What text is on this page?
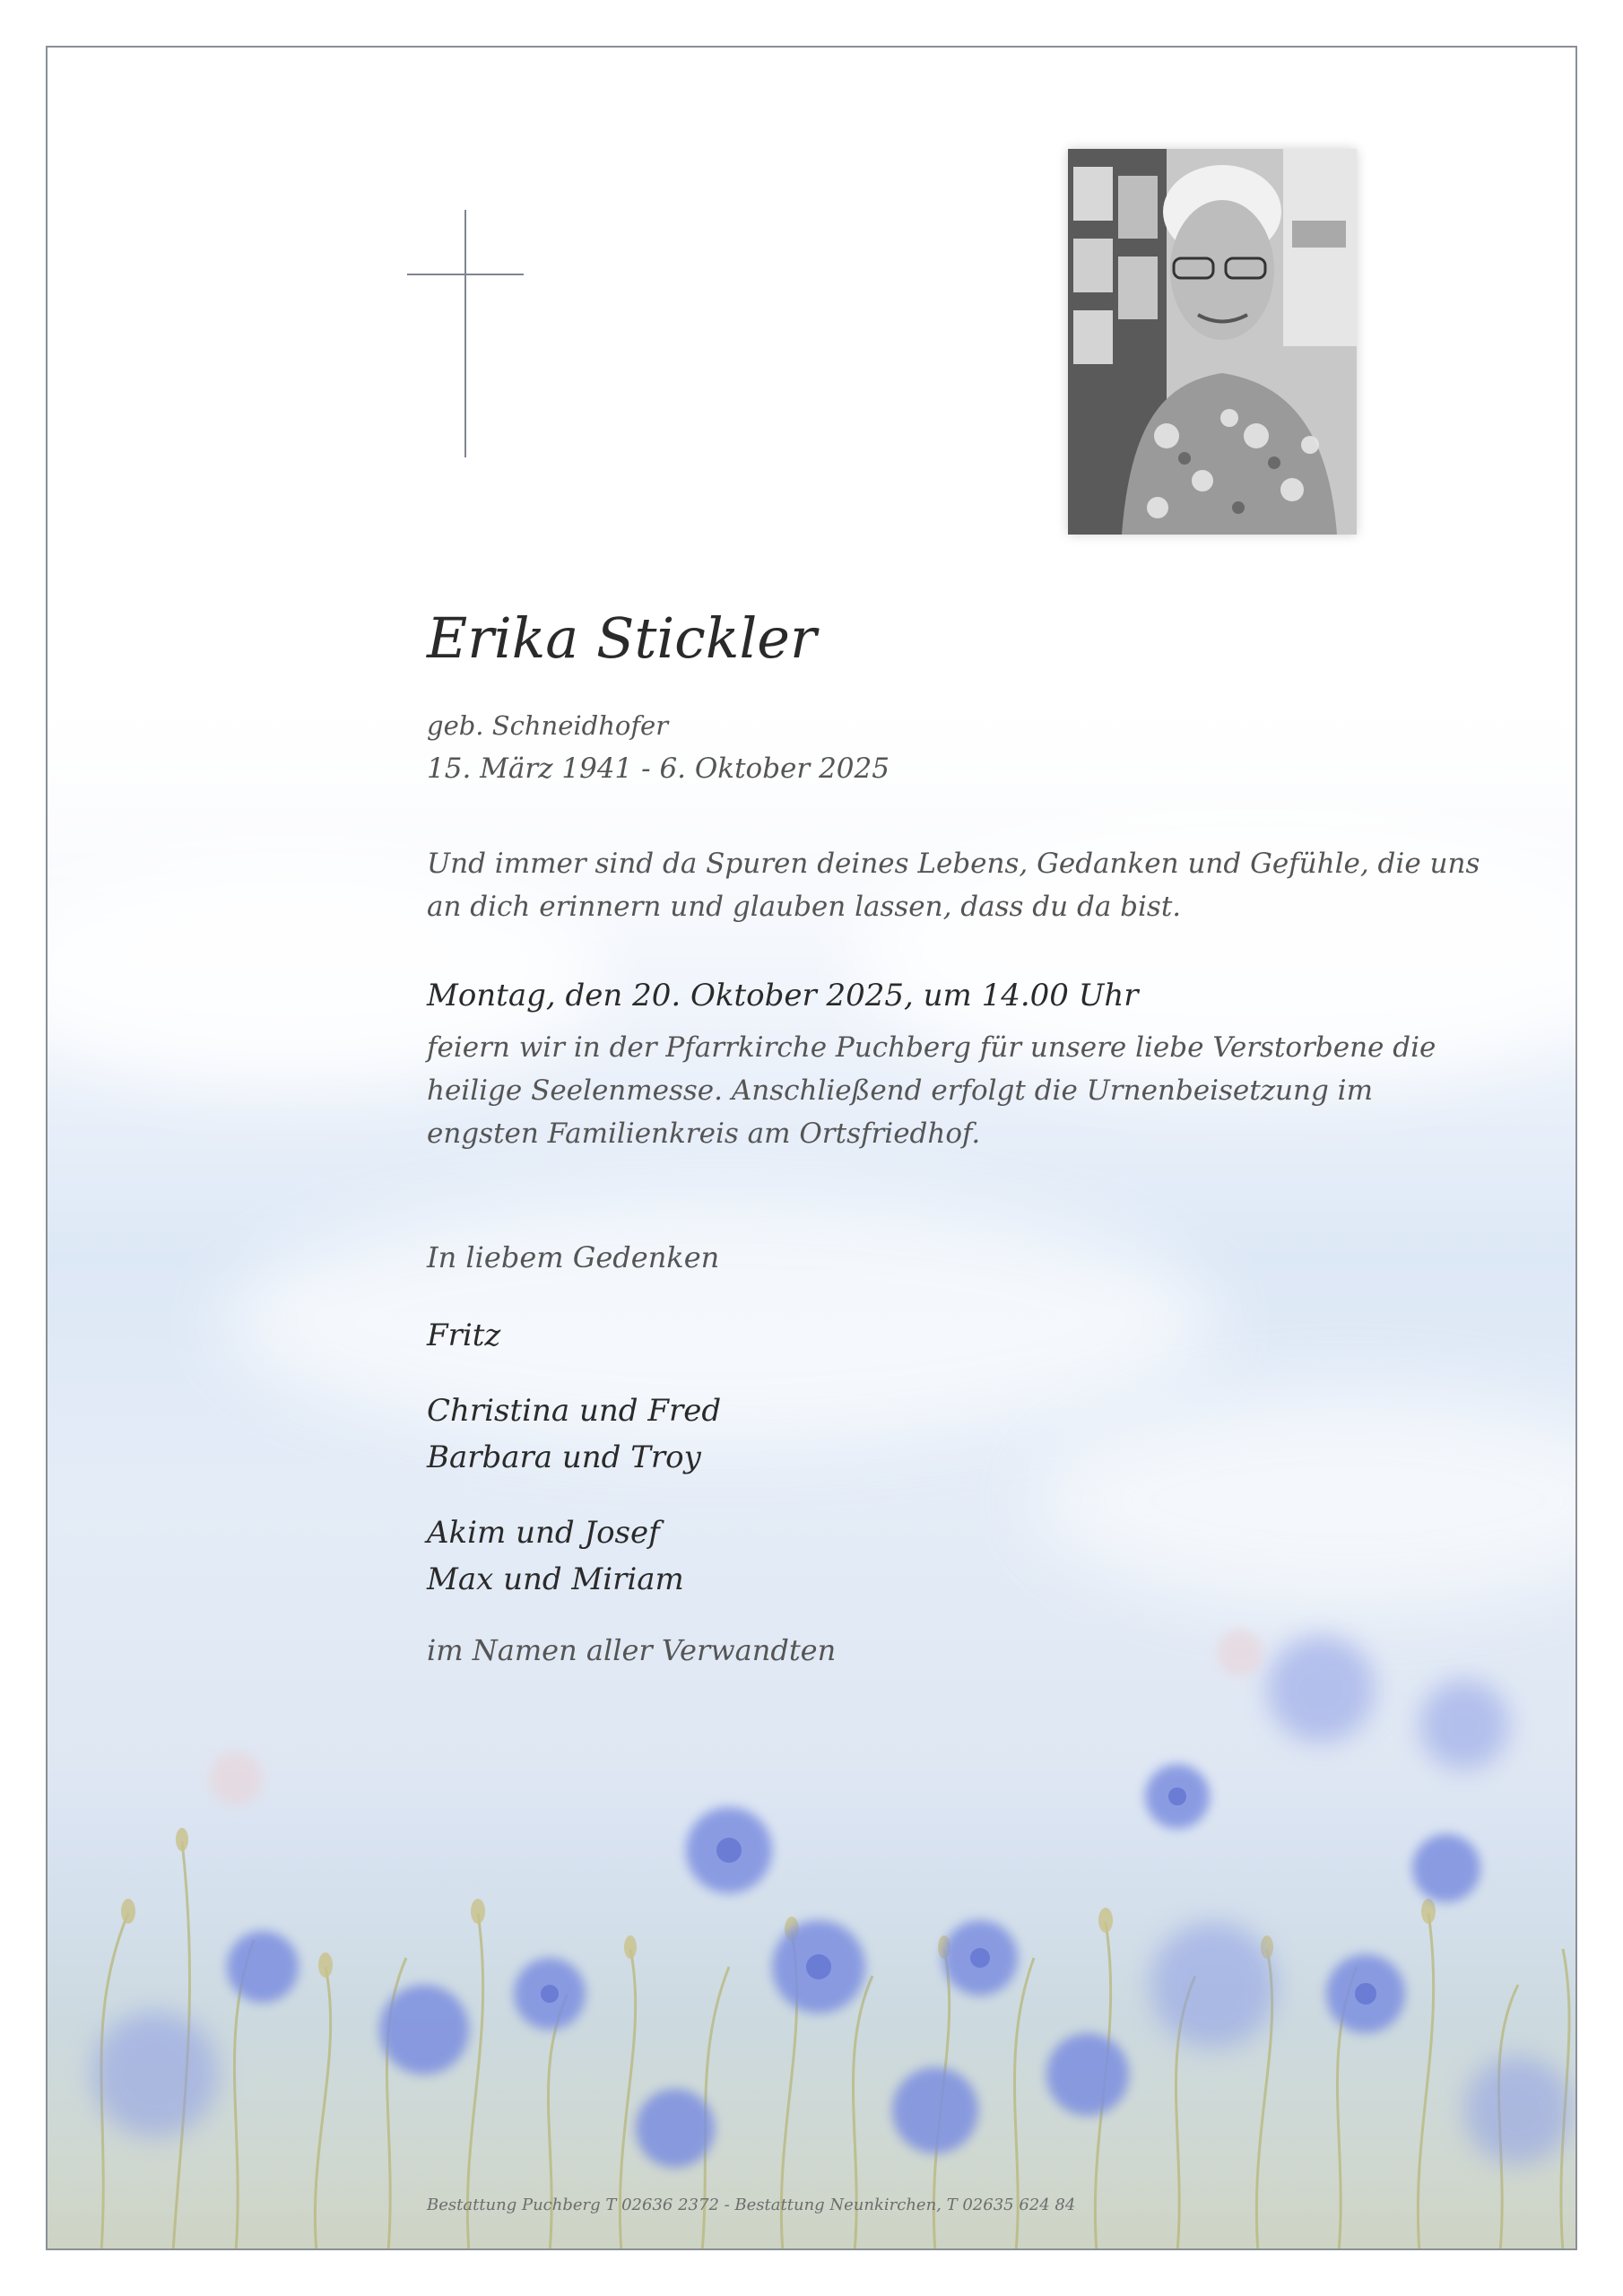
Erika Stickler
geb. Schneidhofer
15. März 1941 - 6. Oktober 2025
Und immer sind da Spuren deines Lebens, Gedanken und Gefühle, die uns
an dich erinnern und glauben lassen, dass du da bist.
Montag, den 20. Oktober 2025, um 14.00 Uhr
feiern wir in der Pfarrkirche Puchberg für unsere liebe Verstorbene die
heilige Seelenmesse. Anschließend erfolgt die Urnenbeisetzung im
engsten Familienkreis am Ortsfriedhof.
In liebem Gedenken
Fritz
Christina und Fred
Barbara und Troy
Akim und Josef
Max und Miriam
im Namen aller Verwandten
Bestattung Puchberg T 02636 2372 - Bestattung Neunkirchen, T 02635 624 84
